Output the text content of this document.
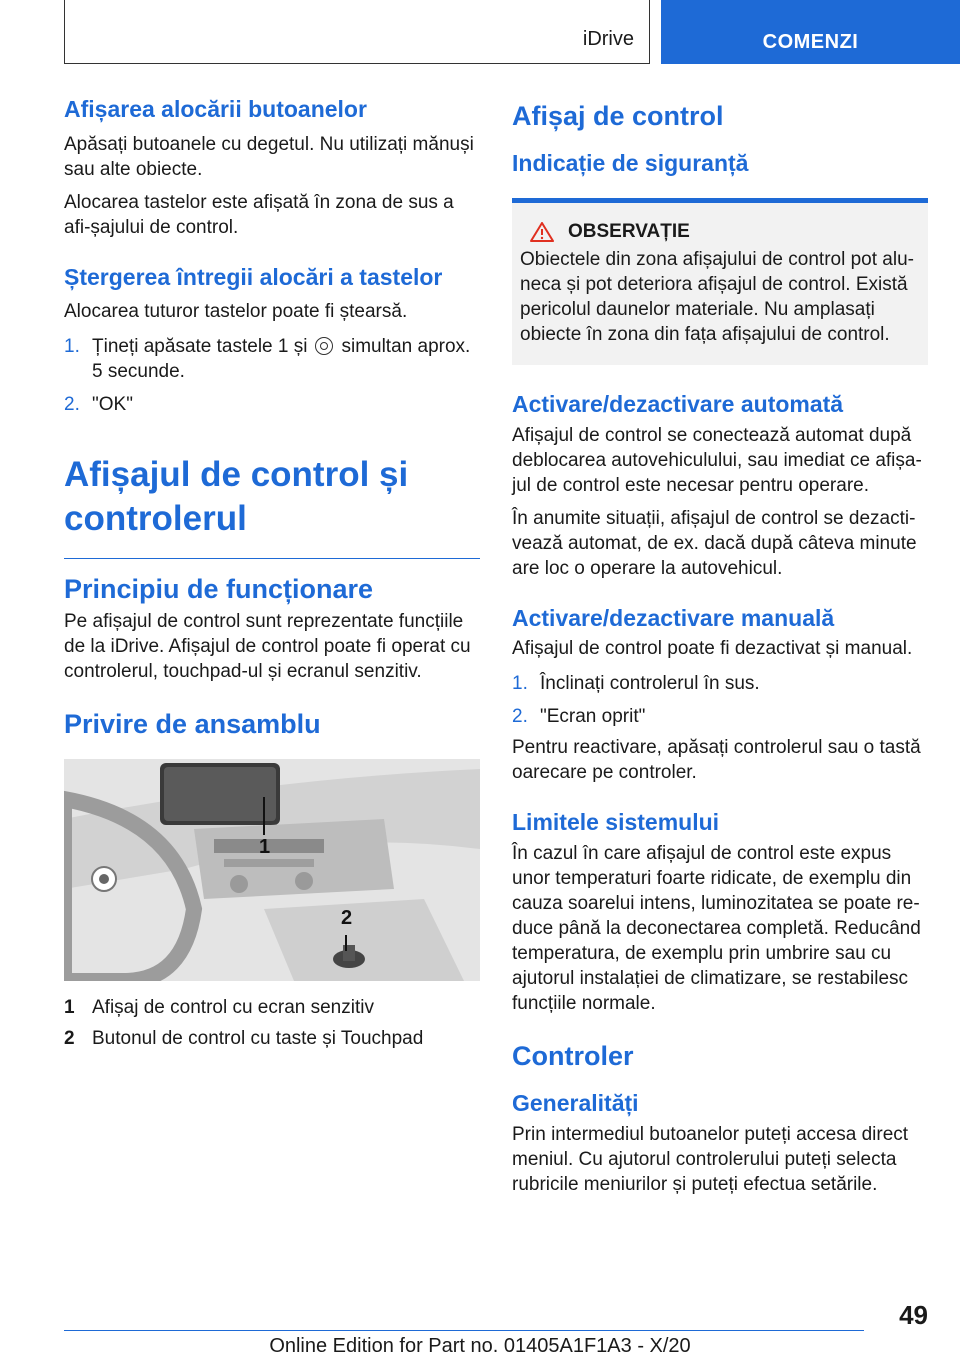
iDrive	COMENZI
Afișarea alocării butoanelor

Apăsați butoanele cu degetul. Nu utilizați mănuși sau alte obiecte.

Alocarea tastelor este afișată în zona de sus a afi-șajului de control.

Ștergerea întregii alocări a tastelor

Alocarea tuturor tastelor poate fi ștearsă.

1. Țineți apăsate tastele 1 și simultan aprox. 5 secunde.
2. "OK"
Afișajul de control și controlerul
Principiu de funcționare

Pe afișajul de control sunt reprezentate funcțiile de la iDrive. Afișajul de control poate fi operat cu controlerul, touchpad-ul și ecranul senzitiv.

Privire de ansamblu
1
2
1 Afișaj de control cu ecran senzitiv
2 Butonul de control cu taste și Touchpad
Afișaj de control
Indicație de siguranță
OBSERVAȚIE

Obiectele din zona afișajului de control pot alu-neca și pot deteriora afișajul de control. Există pericolul daunelor materiale. Nu amplasați obiecte în zona din fața afișajului de control.

Activare/dezactivare automată

Afișajul de control se conectează automat după deblocarea autovehiculului, sau imediat ce afișa-jul de control este necesar pentru operare.

În anumite situații, afișajul de control se dezacti-vează automat, de ex. dacă după câteva minute are loc o operare la autovehicul.

Activare/dezactivare manuală

Afișajul de control poate fi dezactivat și manual.

1. Înclinați controlerul în sus.
2. "Ecran oprit"

Pentru reactivare, apăsați controlerul sau o tastă oarecare pe controler.

Limitele sistemului

În cazul în care afișajul de control este expus unor temperaturi foarte ridicate, de exemplu din cauza soarelui intens, luminozitatea se poate re-duce până la deconectarea completă. Reducând temperatura, de exemplu prin umbrire sau cu ajutorul instalației de climatizare, se restabilesc funcțiile normale.

Controler
Generalități

Prin intermediul butoanelor puteți accesa direct meniul. Cu ajutorul controlerului puteți selecta rubricile meniurilor și puteți efectua setările.

49
Online Edition for Part no. 01405A1F1A3 - X/20
